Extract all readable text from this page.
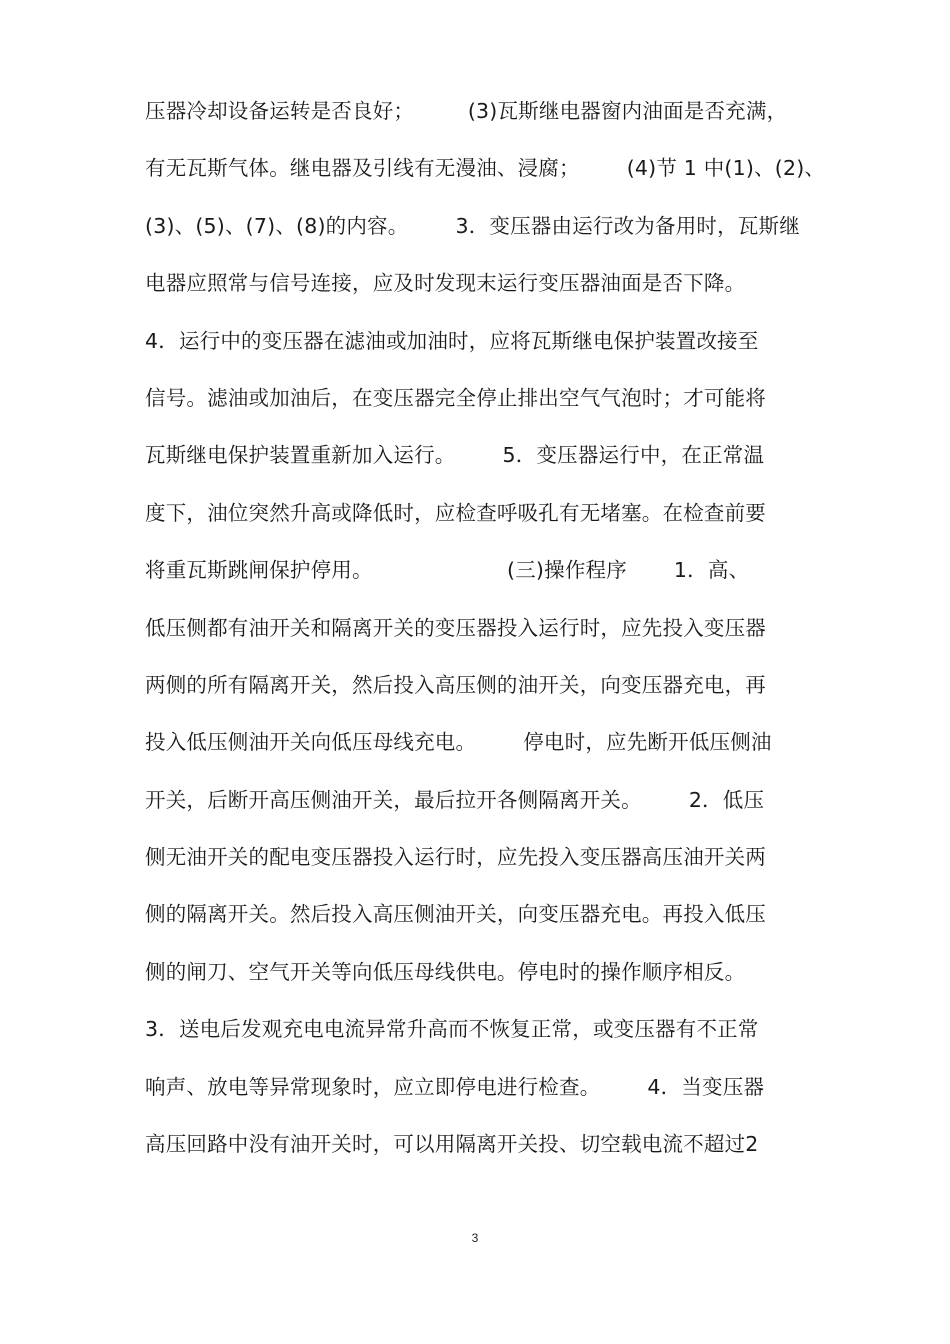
压器冷却设备运转是否良好；        (3)瓦斯继电器窗内油面是否充满，
有无瓦斯气体。继电器及引线有无漫油、浸腐；       (4)节 1 中(1)、(2)、
(3)、(5)、(7)、(8)的内容。       3．变压器由运行改为备用时，瓦斯继
电器应照常与信号连接，应及时发现末运行变压器油面是否下降。
4．运行中的变压器在滤油或加油时，应将瓦斯继电保护装置改接至
信号。滤油或加油后，在变压器完全停止排出空气气泡时；才可能将
瓦斯继电保护装置重新加入运行。       5．变压器运行中，在正常温
度下，油位突然升高或降低时，应检查呼吸孔有无堵塞。在检查前要
将重瓦斯跳闸保护停用。                    (三)操作程序       1．高、
低压侧都有油开关和隔离开关的变压器投入运行时，应先投入变压器
两侧的所有隔离开关，然后投入高压侧的油开关，向变压器充电，再
投入低压侧油开关向低压母线充电。       停电时，应先断开低压侧油
开关，后断开高压侧油开关，最后拉开各侧隔离开关。       2．低压
侧无油开关的配电变压器投入运行时，应先投入变压器高压油开关两
侧的隔离开关。然后投入高压侧油开关，向变压器充电。再投入低压
侧的闸刀、空气开关等向低压母线供电。停电时的操作顺序相反。
3．送电后发观充电电流异常升高而不恢复正常，或变压器有不正常
响声、放电等异常现象时，应立即停电进行检查。       4．当变压器
高压回路中没有油开关时，可以用隔离开关投、切空载电流不超过2
3
